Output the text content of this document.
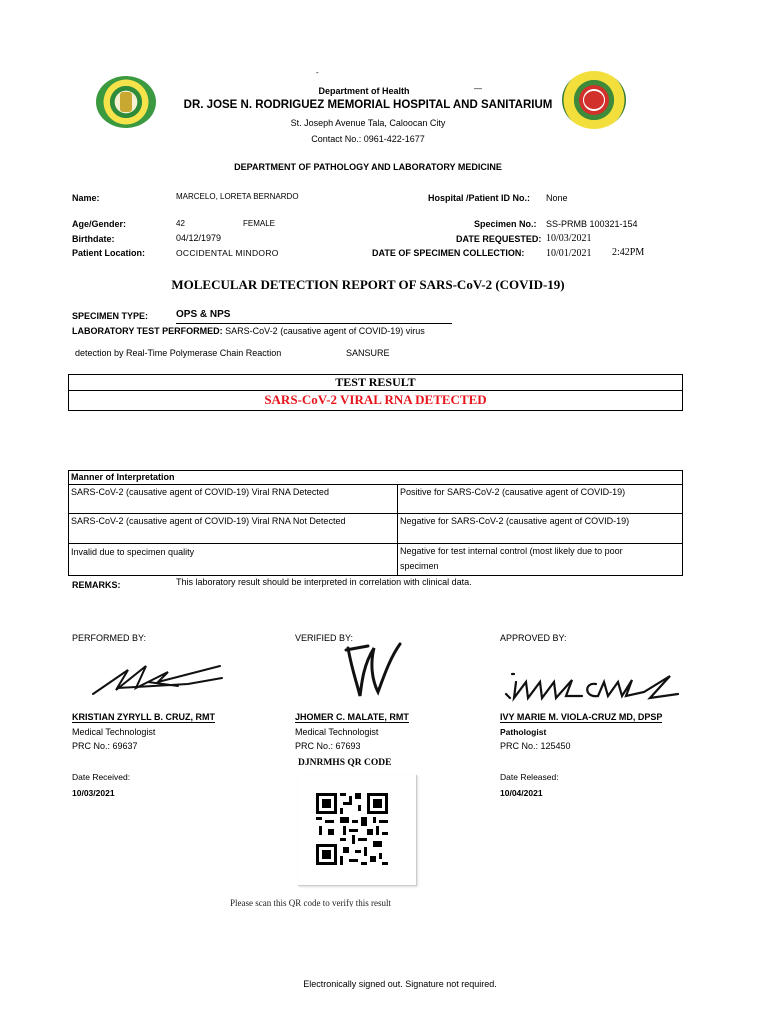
-
—
Department of Health
DR. JOSE N. RODRIGUEZ MEMORIAL HOSPITAL AND SANITARIUM
St. Joseph Avenue Tala, Caloocan City
Contact No.: 0961-422-1677
DEPARTMENT OF PATHOLOGY AND LABORATORY MEDICINE
Name:	MARCELO, LORETA BERNARDO	Hospital /Patient ID No.: None
Age/Gender:	42	FEMALE	Specimen No.: SS-PRMB 100321-154
Birthdate:	04/12/1979	DATE REQUESTED: 10/03/2021
Patient Location:	OCCIDENTAL MINDORO	DATE OF SPECIMEN COLLECTION: 10/01/2021 2:42PM
MOLECULAR DETECTION REPORT OF SARS-CoV-2 (COVID-19)
SPECIMEN TYPE:	OPS & NPS
LABORATORY TEST PERFORMED: SARS-CoV-2 (causative agent of COVID-19) virus
detection by Real-Time Polymerase Chain Reaction	SANSURE
TEST RESULT
SARS-CoV-2 VIRAL RNA DETECTED
Manner of Interpretation
SARS-CoV-2 (causative agent of COVID-19) Viral RNA Detected	Positive for SARS-CoV-2 (causative agent of COVID-19)
SARS-CoV-2 (causative agent of COVID-19) Viral RNA Not Detected	Negative for SARS-CoV-2 (causative agent of COVID-19)
Invalid due to specimen quality	Negative for test internal control (most likely due to poor
specimen
REMARKS:	This laboratory result should be interpreted in correlation with clinical data.
PERFORMED BY:	VERIFIED BY:	APPROVED BY:
KRISTIAN ZYRYLL B. CRUZ, RMT
Medical Technologist
PRC No.: 69637
Date Received:
10/03/2021
JHOMER C. MALATE, RMT
Medical Technologist
PRC No.: 67693
IVY MARIE M. VIOLA-CRUZ MD, DPSP
Pathologist
PRC No.: 125450
Date Released:
10/04/2021
DJNRMHS QR CODE
Please scan this QR code to verify this result
Electronically signed out. Signature not required.
